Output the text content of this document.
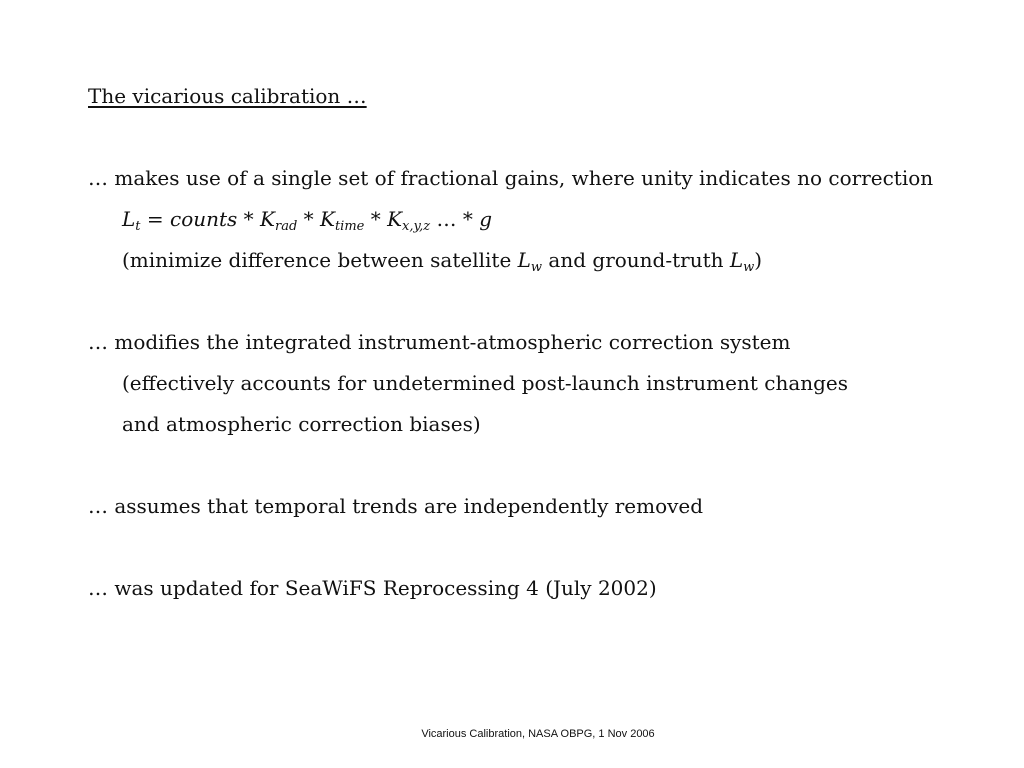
The vicarious calibration …
… makes use of a single set of fractional gains, where unity indicates no correction
$L_t$ = counts * $K_{rad} * K_{time} * K_{x,y,z}$ … * g
(minimize difference between satellite $L_w$ and ground-truth $L_w$)
… modifies the integrated instrument-atmospheric correction system
(effectively accounts for undetermined post-launch instrument changes
and atmospheric correction biases)
… assumes that temporal trends are independently removed
… was updated for SeaWiFS Reprocessing 4 (July 2002)
Vicarious Calibration, NASA OBPG, 1 Nov 2006
